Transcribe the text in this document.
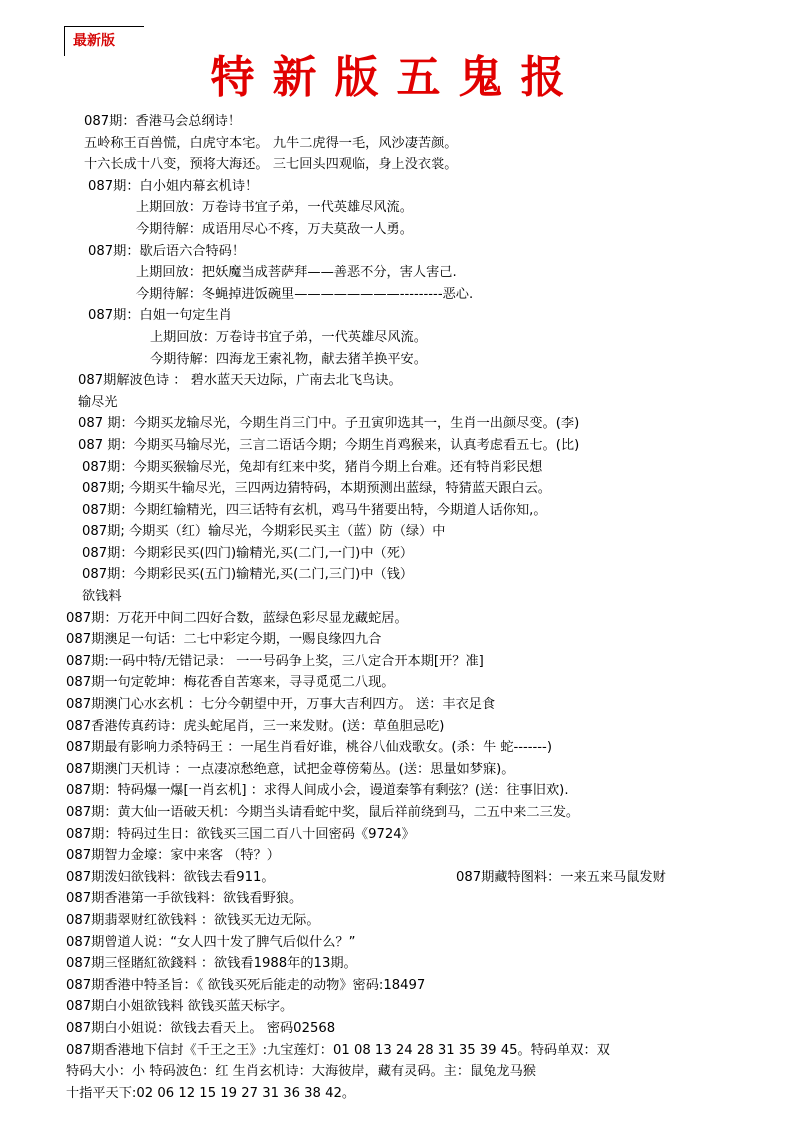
最新版
特新版五鬼报
087期：香港马会总纲诗！
五岭称王百兽慌，白虎守本宅。 九牛二虎得一毛，风沙凄苦颜。
十六长成十八变，预将大海还。 三七回头四观临，身上没衣裳。
087期：白小姐内幕玄机诗！
上期回放：万卷诗书宜子弟，一代英雄尽风流。
今期待解：成语用尽心不疼，万夫莫敌一人勇。
087期：歇后语六合特码！
上期回放：把妖魔当成菩萨拜——善恶不分，害人害己.
今期待解：冬蝇掉进饭碗里————————---------恶心.
087期：白姐一句定生肖
上期回放：万卷诗书宜子弟，一代英雄尽风流。
今期待解：四海龙王索礼物，献去猪羊换平安。
087期解波色诗 ： 碧水蓝天天边际，广南去北飞鸟诀。
输尽光
087 期：今期买龙输尽光，今期生肖三门中。子丑寅卯选其一，生肖一出颜尽变。(李)
087 期：今期买马输尽光，三言二语话今期；今期生肖鸡猴来，认真考虑看五七。(比)
087期：今期买猴输尽光，兔却有红来中奖，猪肖今期上台难。还有特肖彩民想
087期; 今期买牛输尽光，三四两边猜特码，本期预测出蓝绿，特猜蓝天跟白云。
087期：今期红输精光，四三话特有玄机，鸡马牛猪要出特，今期道人话你知,。
087期; 今期买（红）输尽光，今期彩民买主（蓝）防（绿）中
087期：今期彩民买(四门)输精光,买(二门,一门)中（死）
087期：今期彩民买(五门)输精光,买(二门,三门)中（钱）
欲钱料
087期：万花开中间二四好合数，蓝绿色彩尽显龙藏蛇居。
087期澳足一句话：二七中彩定今期，一赐良缘四九合
087期:一码中特/无错记录： 一一号码争上奖，三八定合开本期[开？准]
087期一句定乾坤：梅花香自苦寒来，寻寻觅觅二八现。
087期澳门心水玄机 ：七分今朝望中开，万事大吉利四方。 送：丰衣足食
087香港传真药诗：虎头蛇尾肖，三一来发财。(送：草鱼胆忌吃)
087期最有影响力杀特码王 ：一尾生肖看好谁，桃谷八仙戏歌女。(杀：牛 蛇-------)
087期澳门天机诗 ：一点凄凉愁绝意，试把金尊傍菊丛。(送：思量如梦寐)。
087期：特码爆一爆[一肖玄机] ：求得人间成小会，谩道秦筝有剩弦？(送：往事旧欢).
087期：黄大仙一语破天机：今期当头请看蛇中奖，鼠后祥前绕到马，二五中来二三发。
087期：特码过生日：欲钱买三国二百八十回密码《9724》
087期智力金壕：家中来客 （特？）
087期泼妇欲钱料：欲钱去看911。	087期藏特图料：一来五来马鼠发财
087期香港第一手欲钱料：欲钱看野狼。
087期翡翠财红欲钱料 ：欲钱买无边无际。
087期曾道人说：“女人四十发了脾气后似什么？”
087期三怪賭紅欲錢料 ：欲钱看1988年的13期。
087期香港中特圣旨：《 欲钱买死后能走的动物》密码:18497
087期白小姐欲钱料 欲钱买蓝天标字。
087期白小姐说：欲钱去看天上。 密码02568
087期香港地下信封《千王之王》:九宝莲灯：01 08 13 24 28 31 35 39 45。特码单双：双
特码大小：小 特码波色：红 生肖玄机诗：大海彼岸，藏有灵码。主：鼠兔龙马猴
十指平天下:02 06 12 15 19 27 31 36 38 42。
